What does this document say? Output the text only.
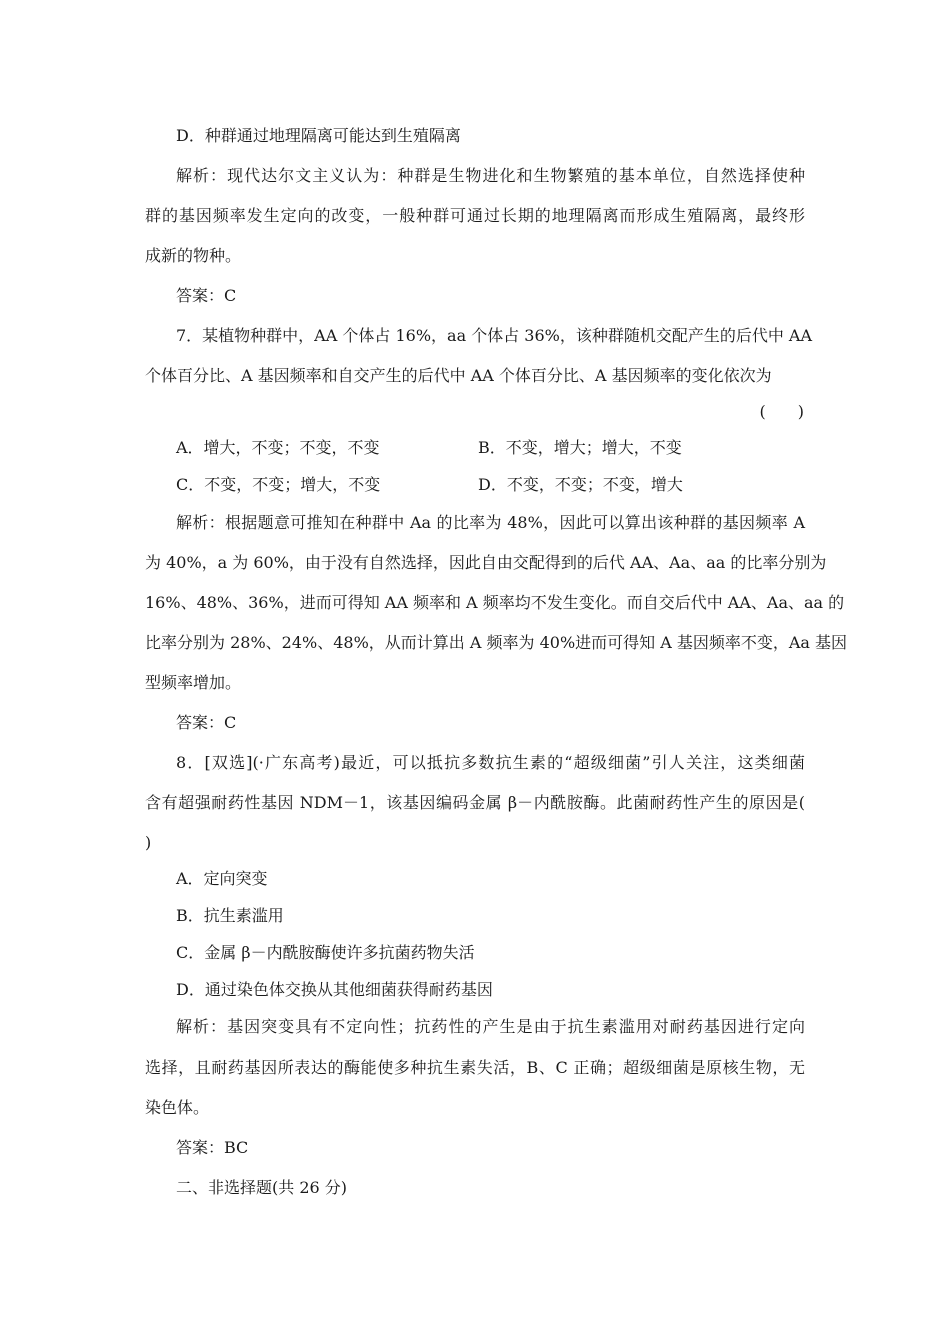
D．种群通过地理隔离可能达到生殖隔离
解析：现代达尔文主义认为：种群是生物进化和生物繁殖的基本单位，自然选择使种
群的基因频率发生定向的改变，一般种群可通过长期的地理隔离而形成生殖隔离，最终形
成新的物种。
答案：C
7．某植物种群中，AA 个体占 16%，aa 个体占 36%，该种群随机交配产生的后代中 AA
个体百分比、A 基因频率和自交产生的后代中 AA 个体百分比、A 基因频率的变化依次为
(　　)
A．增大，不变；不变，不变	B．不变，增大；增大，不变
C．不变，不变；增大，不变	D．不变，不变；不变，增大
解析：根据题意可推知在种群中 Aa 的比率为 48%，因此可以算出该种群的基因频率 A
为 40%，a 为 60%，由于没有自然选择，因此自由交配得到的后代 AA、Aa、aa 的比率分别为
16%、48%、36%，进而可得知 AA 频率和 A 频率均不发生变化。而自交后代中 AA、Aa、aa 的
比率分别为 28%、24%、48%，从而计算出 A 频率为 40%进而可得知 A 基因频率不变，Aa 基因
型频率增加。
答案：C
8．[双选](·广东高考)最近，可以抵抗多数抗生素的“超级细菌”引人关注，这类细菌
含有超强耐药性基因 NDM－1，该基因编码金属 β－内酰胺酶。此菌耐药性产生的原因是(
)
A．定向突变
B．抗生素滥用
C．金属 β－内酰胺酶使许多抗菌药物失活
D．通过染色体交换从其他细菌获得耐药基因
解析：基因突变具有不定向性；抗药性的产生是由于抗生素滥用对耐药基因进行定向
选择，且耐药基因所表达的酶能使多种抗生素失活，B、C 正确；超级细菌是原核生物，无
染色体。
答案：BC
二、非选择题(共 26 分)
